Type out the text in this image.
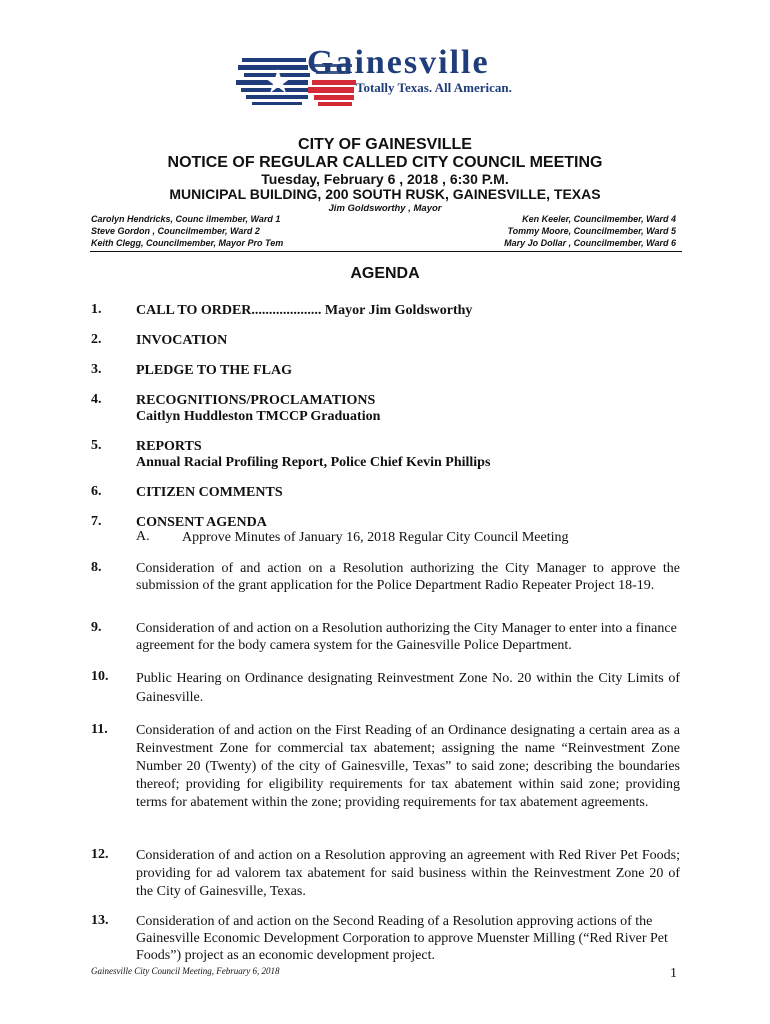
Gainesville
Totally Texas. All American.
CITY OF GAINESVILLE
NOTICE OF REGULAR CALLED CITY COUNCIL MEETING
Tuesday, February 6 , 2018 , 6:30 P.M.
MUNICIPAL BUILDING, 200 SOUTH RUSK, GAINESVILLE, TEXAS
Jim Goldsworthy , Mayor
Carolyn Hendricks, Counc ilmember, Ward 1
Steve Gordon , Councilmember, Ward 2
Keith Clegg, Councilmember, Mayor Pro Tem
Ken Keeler, Councilmember, Ward 4
Tommy Moore, Councilmember, Ward 5
Mary Jo Dollar , Councilmember, Ward 6
AGENDA
1. CALL TO ORDER.................... Mayor Jim Goldsworthy
2. INVOCATION
3. PLEDGE TO THE FLAG
4. RECOGNITIONS/PROCLAMATIONS
Caitlyn Huddleston TMCCP Graduation
5. REPORTS
Annual Racial Profiling Report, Police Chief Kevin Phillips
6. CITIZEN COMMENTS
7. CONSENT AGENDA
A. Approve Minutes of January 16, 2018 Regular City Council Meeting
8. Consideration of and action on a Resolution authorizing the City Manager to approve the submission of the grant application for the Police Department Radio Repeater Project 18-19.
9. Consideration of and action on a Resolution authorizing the City Manager to enter into a finance agreement for the body camera system for the Gainesville Police Department.
10. Public Hearing on Ordinance designating Reinvestment Zone No. 20 within the City Limits of Gainesville.
11. Consideration of and action on the First Reading of an Ordinance designating a certain area as a Reinvestment Zone for commercial tax abatement; assigning the name “Reinvestment Zone Number 20 (Twenty) of the city of Gainesville, Texas” to said zone; describing the boundaries thereof; providing for eligibility requirements for tax abatement within said zone; providing terms for abatement within the zone; providing requirements for tax abatement agreements.
12. Consideration of and action on a Resolution approving an agreement with Red River Pet Foods; providing for ad valorem tax abatement for said business within the Reinvestment Zone 20 of the City of Gainesville, Texas.
13. Consideration of and action on the Second Reading of a Resolution approving actions of the Gainesville Economic Development Corporation to approve Muenster Milling (“Red River Pet Foods”) project as an economic development project.
Gainesville City Council Meeting, February 6, 2018	1
